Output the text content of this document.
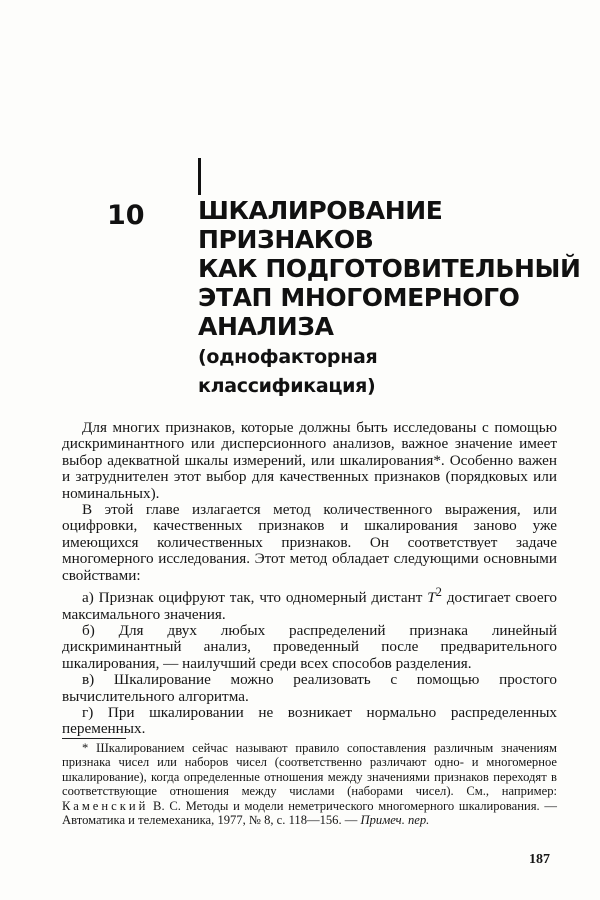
10 ШКАЛИРОВАНИЕ
ПРИЗНАКОВ
КАК ПОДГОТОВИТЕЛЬНЫЙ
ЭТАП МНОГОМЕРНОГО
АНАЛИЗА
(однофакторная
классификация)

Для многих признаков, которые должны быть исследованы с помощью дискриминантного или дисперсионного анализов, важное значение имеет выбор адекватной шкалы измерений, или шкалирования*. Особенно важен и затруднителен этот выбор для качественных признаков (порядковых или номинальных).

В этой главе излагается метод количественного выражения, или оцифровки, качественных признаков и шкалирования заново уже имеющихся количественных признаков. Он соответствует задаче многомерного исследования. Этот метод обладает следующими основными свойствами:

а) Признак оцифруют так, что одномерный дистант $T^2$ достигает своего максимального значения.

б) Для двух любых распределений признака линейный дискриминантный анализ, проведенный после предварительного шкалирования, — наилучший среди всех способов разделения.

в) Шкалирование можно реализовать с помощью простого вычислительного алгоритма.

г) При шкалировании не возникает нормально распределенных переменных.

* Шкалированием сейчас называют правило сопоставления различным значениям признака чисел или наборов чисел (соответственно различают одно- и многомерное шкалирование), когда определенные отношения между значениями признаков переходят в соответствующие отношения между числами (наборами чисел). См., например: Каменский В. С. Методы и модели неметрического многомерного шкалирования. — Автоматика и телемеханика, 1977, № 8, с. 118—156. — Примеч. пер.

187
